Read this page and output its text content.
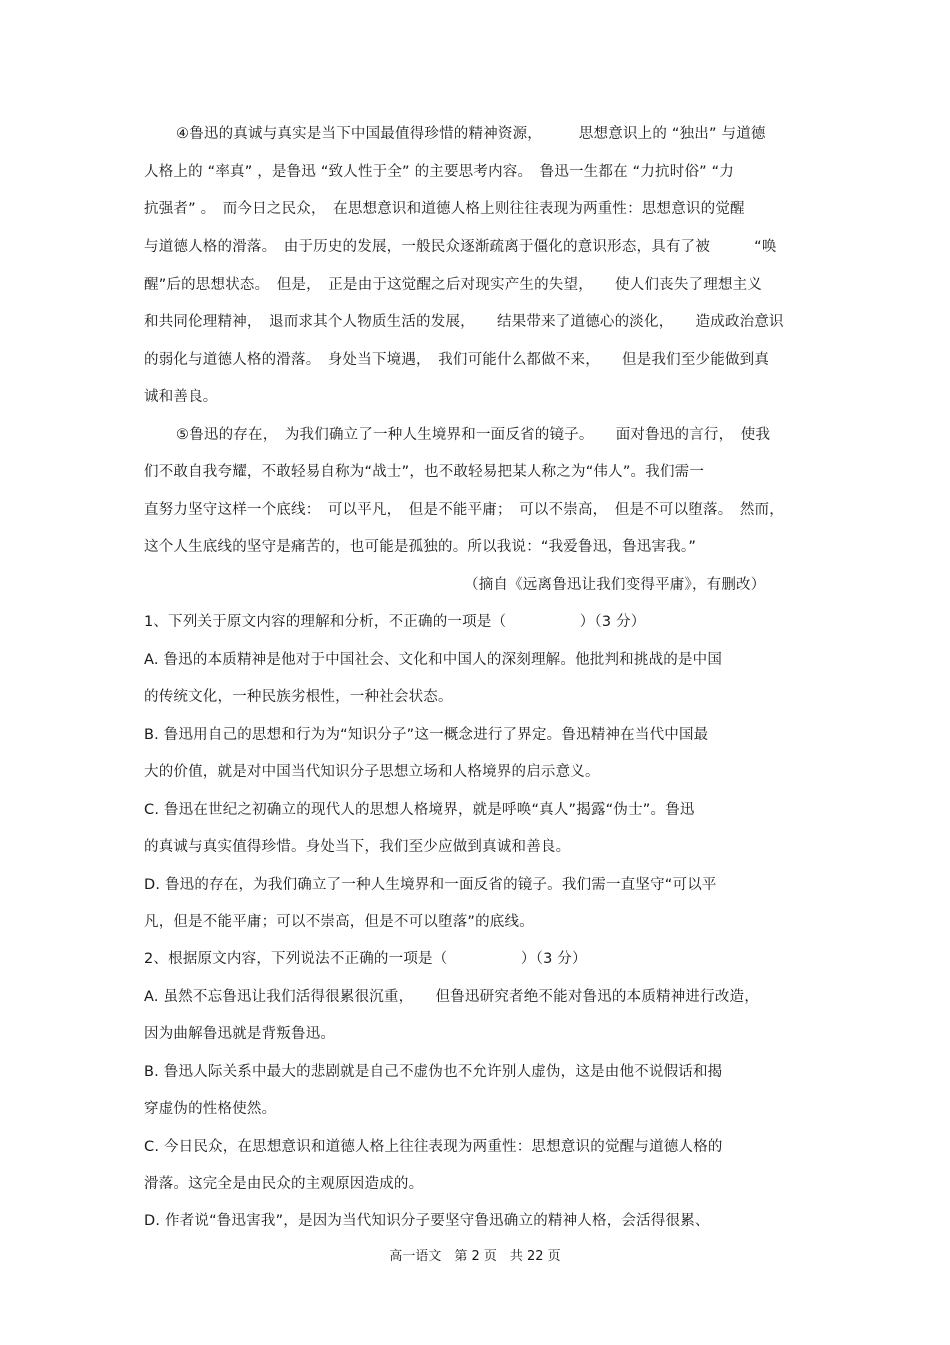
④鲁迅的真诚与真实是当下中国最值得珍惜的精神资源，　　　思想意识上的 “独出” 与道德
人格上的 “率真” ，是鲁迅 “致人性于全” 的主要思考内容。　鲁迅一生都在 “力抗时俗” “力
抗强者” 。　而今日之民众，　在思想意识和道德人格上则往往表现为两重性：思想意识的觉醒
与道德人格的滑落。　由于历史的发展，一般民众逐渐疏离于僵化的意识形态，具有了被　　　“唤
醒”后的思想状态。　但是，　正是由于这觉醒之后对现实产生的失望，　　使人们丧失了理想主义
和共同伦理精神，　退而求其个人物质生活的发展，　　结果带来了道德心的淡化，　　造成政治意识
的弱化与道德人格的滑落。　身处当下境遇，　我们可能什么都做不来，　　但是我们至少能做到真
诚和善良。
⑤鲁迅的存在，　为我们确立了一种人生境界和一面反省的镜子。　　面对鲁迅的言行，　使我
们不敢自我夸耀，不敢轻易自称为“战士”，也不敢轻易把某人称之为“伟人”。我们需一
直努力坚守这样一个底线：　可以平凡，　但是不能平庸；　可以不崇高，　但是不可以堕落。　然而，
这个人生底线的坚守是痛苦的，也可能是孤独的。所以我说：“我爱鲁迅，鲁迅害我。”
（摘自《远离鲁迅让我们变得平庸》，有删改）
1、下列关于原文内容的理解和分析，不正确的一项是（　　　　　）（3 分）
A. 鲁迅的本质精神是他对于中国社会、文化和中国人的深刻理解。他批判和挑战的是中国
的传统文化，一种民族劣根性，一种社会状态。
B. 鲁迅用自己的思想和行为为“知识分子”这一概念进行了界定。鲁迅精神在当代中国最
大的价值，就是对中国当代知识分子思想立场和人格境界的启示意义。
C. 鲁迅在世纪之初确立的现代人的思想人格境界，就是呼唤“真人”揭露“伪士”。鲁迅
的真诚与真实值得珍惜。身处当下，我们至少应做到真诚和善良。
D. 鲁迅的存在，为我们确立了一种人生境界和一面反省的镜子。我们需一直坚守“可以平
凡，但是不能平庸；可以不崇高，但是不可以堕落”的底线。
2、根据原文内容，下列说法不正确的一项是（　　　　　）（3 分）
A. 虽然不忘鲁迅让我们活得很累很沉重，　　但鲁迅研究者绝不能对鲁迅的本质精神进行改造，
因为曲解鲁迅就是背叛鲁迅。
B. 鲁迅人际关系中最大的悲剧就是自己不虚伪也不允许别人虚伪，这是由他不说假话和揭
穿虚伪的性格使然。
C. 今日民众，在思想意识和道德人格上往往表现为两重性：思想意识的觉醒与道德人格的
滑落。这完全是由民众的主观原因造成的。
D. 作者说“鲁迅害我”，是因为当代知识分子要坚守鲁迅确立的精神人格，会活得很累、
高一语文　第 2 页　共 22 页
